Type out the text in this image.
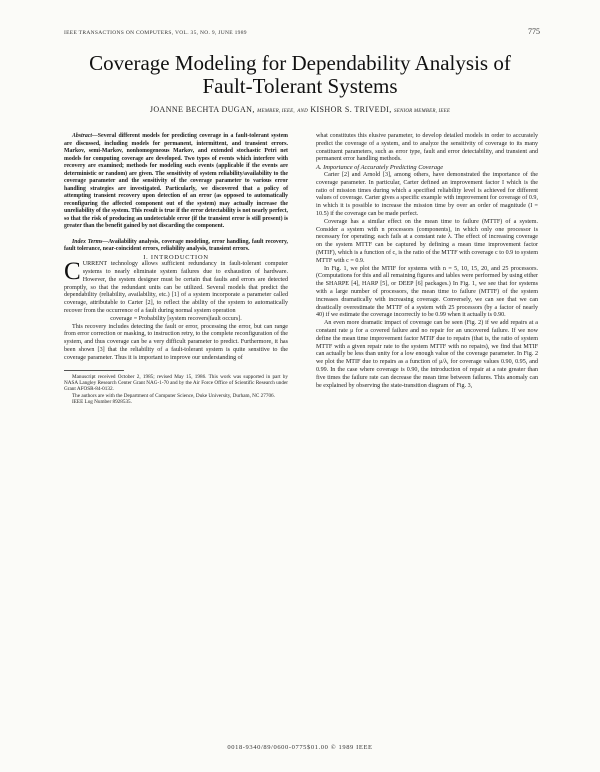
IEEE TRANSACTIONS ON COMPUTERS, VOL. 35, NO. 9, JUNE 1989	775
Coverage Modeling for Dependability Analysis of
Fault-Tolerant Systems
JOANNE BECHTA DUGAN, MEMBER, IEEE, AND KISHOR S. TRIVEDI, SENIOR MEMBER, IEEE

Abstract—Several different models for predicting coverage in a fault-tolerant system are discussed, including models for permanent, intermittent, and transient errors. Markov, semi-Markov, nonhomogeneous Markov, and extended stochastic Petri net models for computing coverage are developed. Two types of events which interfere with recovery are examined; methods for modeling such events (applicable if the events are deterministic or random) are given. The sensitivity of system reliability/availability to the coverage parameter and the sensitivity of the coverage parameter to various error handling strategies are investigated. Particularly, we discovered that a policy of attempting transient recovery upon detection of an error (as opposed to automatically reconfiguring the affected component out of the system) may actually increase the unreliability of the system. This result is true if the error detectability is not nearly perfect, so that the risk of producing an undetectable error (if the transient error is still present) is greater than the benefit gained by not discarding the component.

Index Terms—Availability analysis, coverage modeling, error handling, fault recovery, fault tolerance, near-coincident errors, reliability analysis, transient errors.

I. INTRODUCTION

CURRENT technology allows sufficient redundancy in fault-tolerant computer systems to nearly eliminate system failures due to exhaustion of hardware. However, the system designer must be certain that faults and errors are detected promptly, so that the redundant units can be utilized. Several models that predict the dependability (reliability, availability, etc.) [1] of a system incorporate a parameter called coverage, attributable to Carter [2], to reflect the ability of the system to automatically recover from the occurrence of a fault during normal system operation

coverage = Probability [system recovers|fault occurs].

This recovery includes detecting the fault or error, processing the error, but can range from error correction or masking, to instruction retry, to the complete reconfiguration of the system, and thus coverage can be a very difficult parameter to predict. Furthermore, it has been shown [3] that the reliability of a fault-tolerant system is quite sensitive to the coverage parameter. Thus it is important to improve our understanding of

Manuscript received October 2, 1985; revised May 15, 1986. This work was supported in part by NASA Langley Research Center Grant NAG-1-70 and by the Air Force Office of Scientific Research under Grant AFOSR-84-0132.

The authors are with the Department of Computer Science, Duke University, Durham, NC 27706.

IEEE Log Number 8928535.

what constitutes this elusive parameter, to develop detailed models in order to accurately predict the coverage of a system, and to analyze the sensitivity of coverage to its many constituent parameters, such as error type, fault and error detectability, and transient and permanent error handling methods.

A. Importance of Accurately Predicting Coverage

Carter [2] and Arnold [3], among others, have demonstrated the importance of the coverage parameter. In particular, Carter defined an improvement factor I which is the ratio of mission times during which a specified reliability level is achieved for different values of coverage. Carter gives a specific example with improvement for coverage of 0.9, in which it is possible to increase the mission time by over an order of magnitude (I = 10.5) if the coverage can be made perfect.

Coverage has a similar effect on the mean time to failure (MTTF) of a system. Consider a system with n processors (components), in which only one processor is necessary for operating; each fails at a constant rate λ. The effect of increasing coverage on the system MTTF can be captured by defining a mean time improvement factor (MTIF), which is a function of c, is the ratio of the MTTF with coverage c to 0.9 to system MTTF with c = 0.9.

In Fig. 1, we plot the MTIF for systems with n = 5, 10, 15, 20, and 25 processors. (Computations for this and all remaining figures and tables were performed by using either the SHARPE [4], HARP [5], or DEEP [6] packages.) In Fig. 1, we see that for systems with a large number of processors, the mean time to failure (MTTF) of the system increases dramatically with increasing coverage. Conversely, we can see that we can drastically overestimate the MTTF of a system with 25 processors (by a factor of nearly 40) if we estimate the coverage incorrectly to be 0.99 when it actually is 0.90.

An even more dramatic impact of coverage can be seen (Fig. 2) if we add repairs at a constant rate μ for a covered failure and no repair for an uncovered failure. If we now define the mean time improvement factor MTIF due to repairs (that is, the ratio of system MTTF with a given repair rate to the system MTTF with no repairs), we find that MTIF can actually be less than unity for a low enough value of the coverage parameter. In Fig. 2 we plot the MTIF due to repairs as a function of μ/λ, for coverage values 0.90, 0.95, and 0.99. In the case where coverage is 0.90, the introduction of repair at a rate greater than five times the failure rate can decrease the mean time between failures. This anomaly can be explained by observing the state-transition diagram of Fig. 3,

0018-9340/89/0600-0775$01.00 © 1989 IEEE
